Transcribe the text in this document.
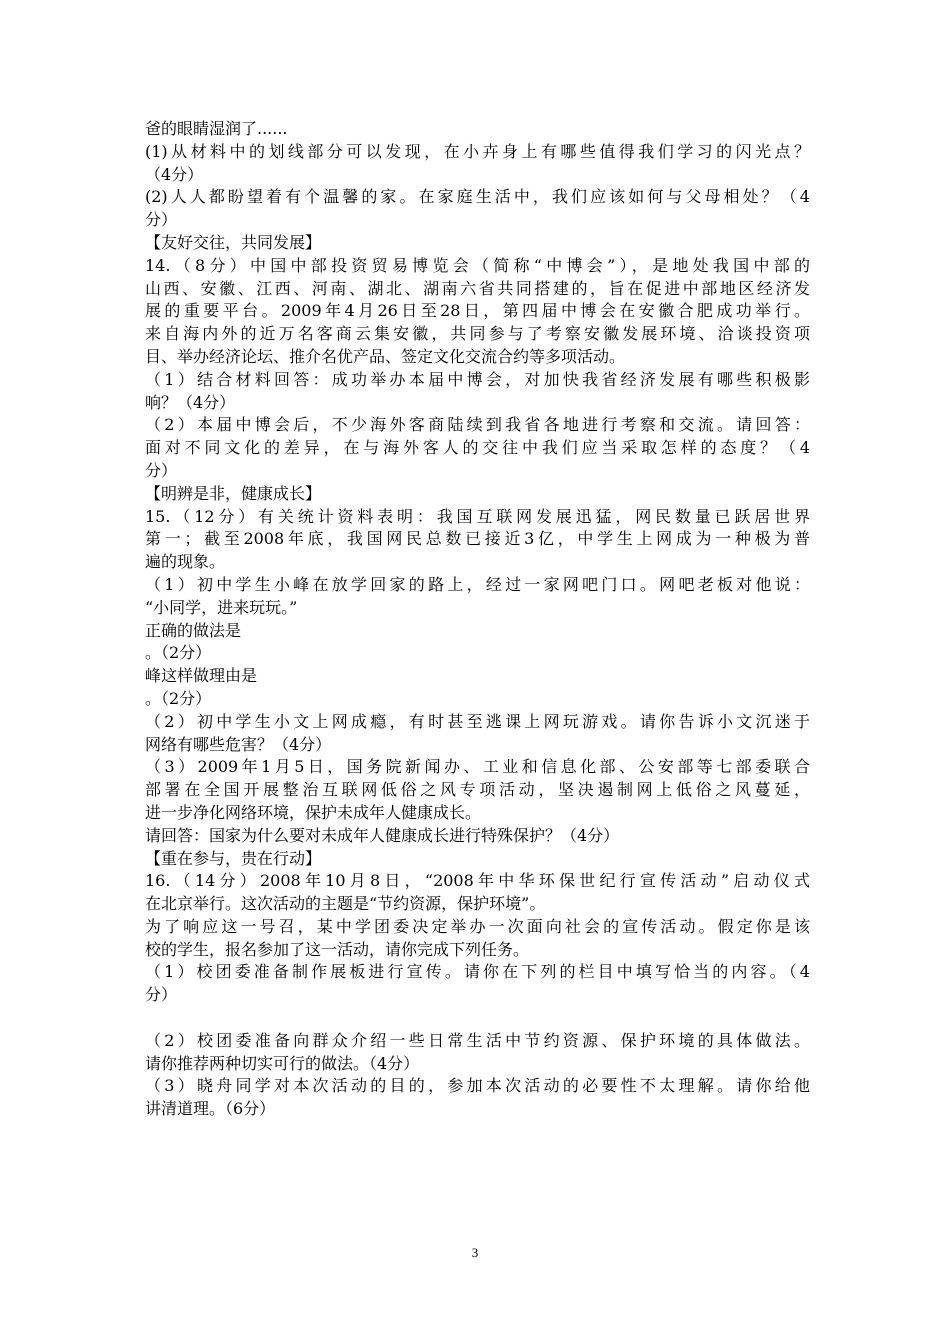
爸的眼睛湿润了......
(1)从材料中的划线部分可以发现，在小卉身上有哪些值得我们学习的闪光点？
（4分）
(2)人人都盼望着有个温馨的家。在家庭生活中，我们应该如何与父母相处？（4
分）
【友好交往，共同发展】
14.（8分）中国中部投资贸易博览会（简称“中博会”），是地处我国中部的
山西、安徽、江西、河南、湖北、湖南六省共同搭建的，旨在促进中部地区经济发
展的重要平台。2009年4月26日至28日，第四届中博会在安徽合肥成功举行。
来自海内外的近万名客商云集安徽，共同参与了考察安徽发展环境、洽谈投资项
目、举办经济论坛、推介名优产品、签定文化交流合约等多项活动。
（1）结合材料回答：成功举办本届中博会，对加快我省经济发展有哪些积极影
响？（4分）
（2）本届中博会后，不少海外客商陆续到我省各地进行考察和交流。请回答：
面对不同文化的差异，在与海外客人的交往中我们应当采取怎样的态度？（4
分）
【明辨是非，健康成长】
15.（12分）有关统计资料表明：我国互联网发展迅猛，网民数量已跃居世界
第一；截至2008年底，我国网民总数已接近3亿，中学生上网成为一种极为普
遍的现象。
（1）初中学生小峰在放学回家的路上，经过一家网吧门口。网吧老板对他说：
“小同学，进来玩玩。”
正确的做法是
。（2分）
峰这样做理由是
。（2分）
（2）初中学生小文上网成瘾，有时甚至逃课上网玩游戏。请你告诉小文沉迷于
网络有哪些危害？（4分）
（3）2009年1月5日，国务院新闻办、工业和信息化部、公安部等七部委联合
部署在全国开展整治互联网低俗之风专项活动，坚决遏制网上低俗之风蔓延，
进一步净化网络环境，保护未成年人健康成长。
请回答：国家为什么要对未成年人健康成长进行特殊保护？（4分）
【重在参与，贵在行动】
16.（14分）2008年10月8日，“2008年中华环保世纪行宣传活动”启动仪式
在北京举行。这次活动的主题是“节约资源，保护环境”。
为了响应这一号召，某中学团委决定举办一次面向社会的宣传活动。假定你是该
校的学生，报名参加了这一活动，请你完成下列任务。
（1）校团委准备制作展板进行宣传。请你在下列的栏目中填写恰当的内容。（4
分）
（2）校团委准备向群众介绍一些日常生活中节约资源、保护环境的具体做法。
请你推荐两种切实可行的做法。（4分）
（3）晓舟同学对本次活动的目的，参加本次活动的必要性不太理解。请你给他
讲清道理。（6分）
3
